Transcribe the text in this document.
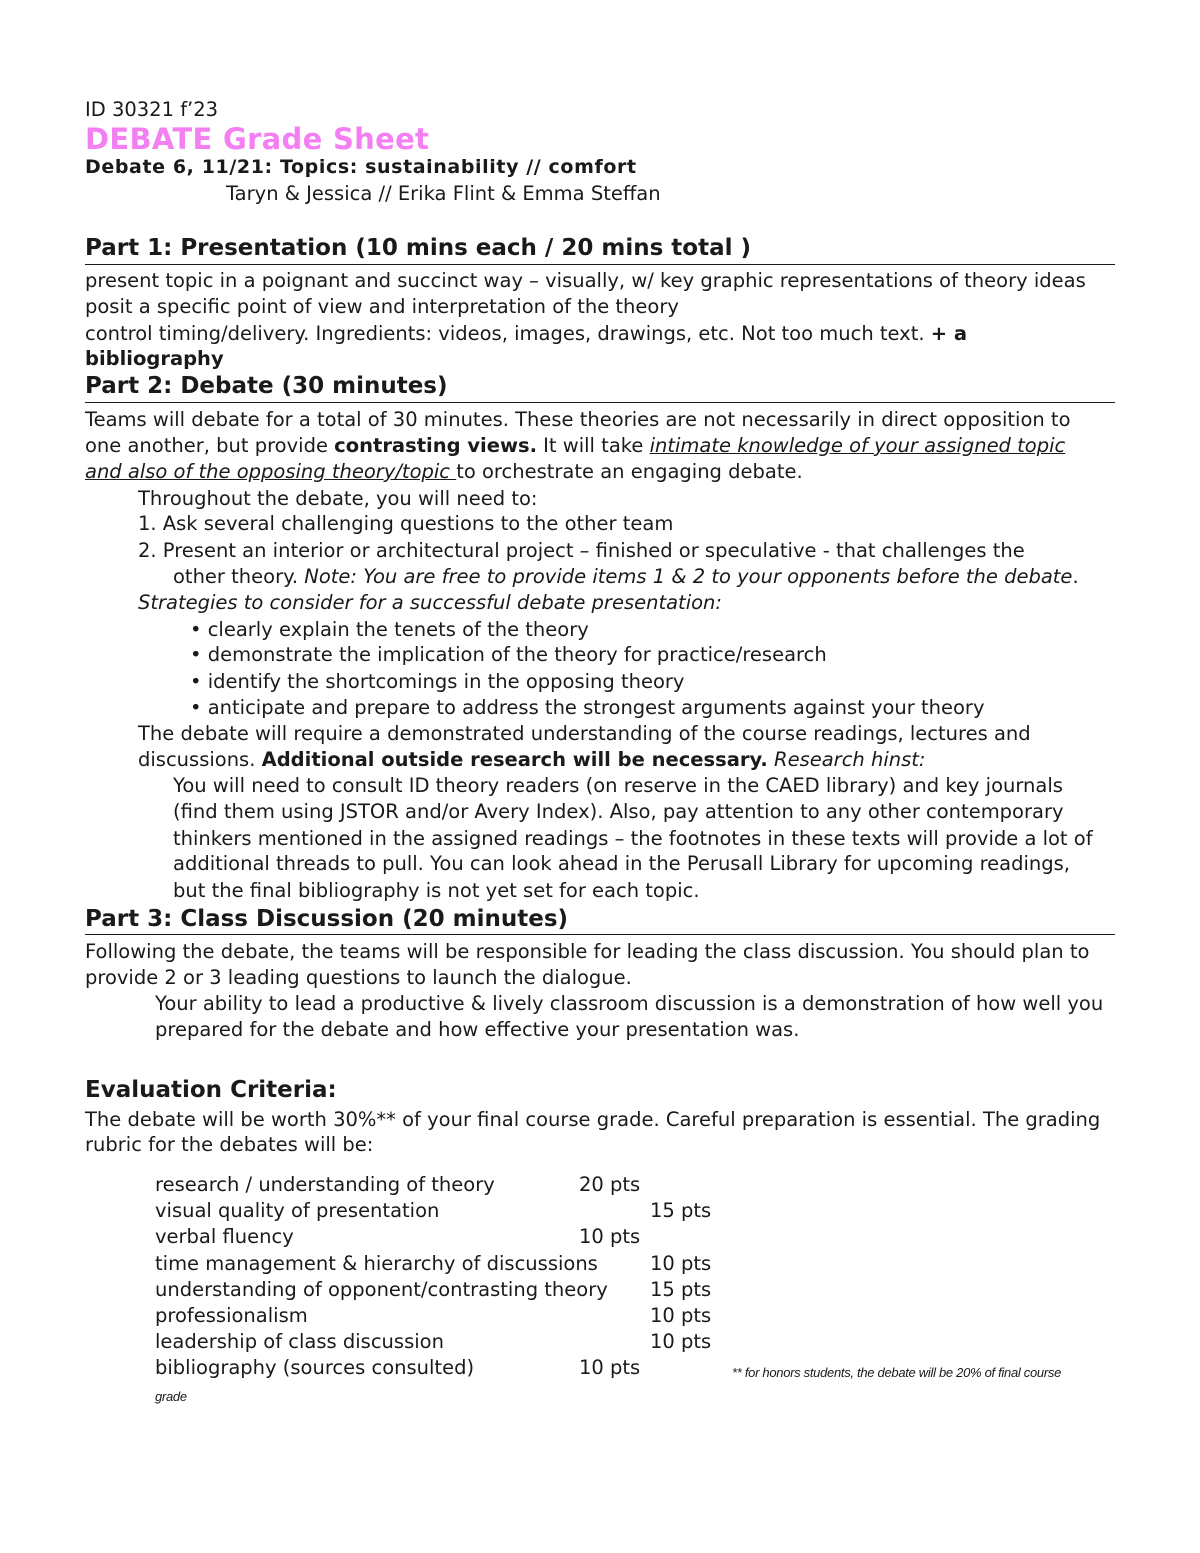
ID 30321 f’23
DEBATE Grade Sheet
Debate 6, 11/21: Topics: sustainability // comfort
Taryn & Jessica // Erika Flint & Emma Steffan
Part 1: Presentation (10 mins each / 20 mins total )
present topic in a poignant and succinct way – visually, w/ key graphic representations of theory ideas
posit a specific point of view and interpretation of the theory
control timing/delivery. Ingredients: videos, images, drawings, etc. Not too much text. + a
bibliography
Part 2: Debate (30 minutes)
Teams will debate for a total of 30 minutes. These theories are not necessarily in direct opposition to
one another, but provide contrasting views. It will take intimate knowledge of your assigned topic
and also of the opposing theory/topic to orchestrate an engaging debate.
Throughout the debate, you will need to:
1. Ask several challenging questions to the other team
2. Present an interior or architectural project – finished or speculative - that challenges the
other theory. Note: You are free to provide items 1 & 2 to your opponents before the debate.
Strategies to consider for a successful debate presentation:
• clearly explain the tenets of the theory
• demonstrate the implication of the theory for practice/research
• identify the shortcomings in the opposing theory
• anticipate and prepare to address the strongest arguments against your theory
The debate will require a demonstrated understanding of the course readings, lectures and
discussions. Additional outside research will be necessary. Research hinst:
You will need to consult ID theory readers (on reserve in the CAED library) and key journals
(find them using JSTOR and/or Avery Index). Also, pay attention to any other contemporary
thinkers mentioned in the assigned readings – the footnotes in these texts will provide a lot of
additional threads to pull. You can look ahead in the Perusall Library for upcoming readings,
but the final bibliography is not yet set for each topic.
Part 3: Class Discussion (20 minutes)
Following the debate, the teams will be responsible for leading the class discussion. You should plan to
provide 2 or 3 leading questions to launch the dialogue.
Your ability to lead a productive & lively classroom discussion is a demonstration of how well you
prepared for the debate and how effective your presentation was.
Evaluation Criteria:
The debate will be worth 30%** of your final course grade. Careful preparation is essential. The grading
rubric for the debates will be:
research / understanding of theory	20 pts
visual quality of presentation	15 pts
verbal fluency	10 pts
time management & hierarchy of discussions	10 pts
understanding of opponent/contrasting theory 15 pts
professionalism	10 pts
leadership of class discussion	10 pts
bibliography (sources consulted)	10 pts	** for honors students, the debate will be 20% of final course
grade
